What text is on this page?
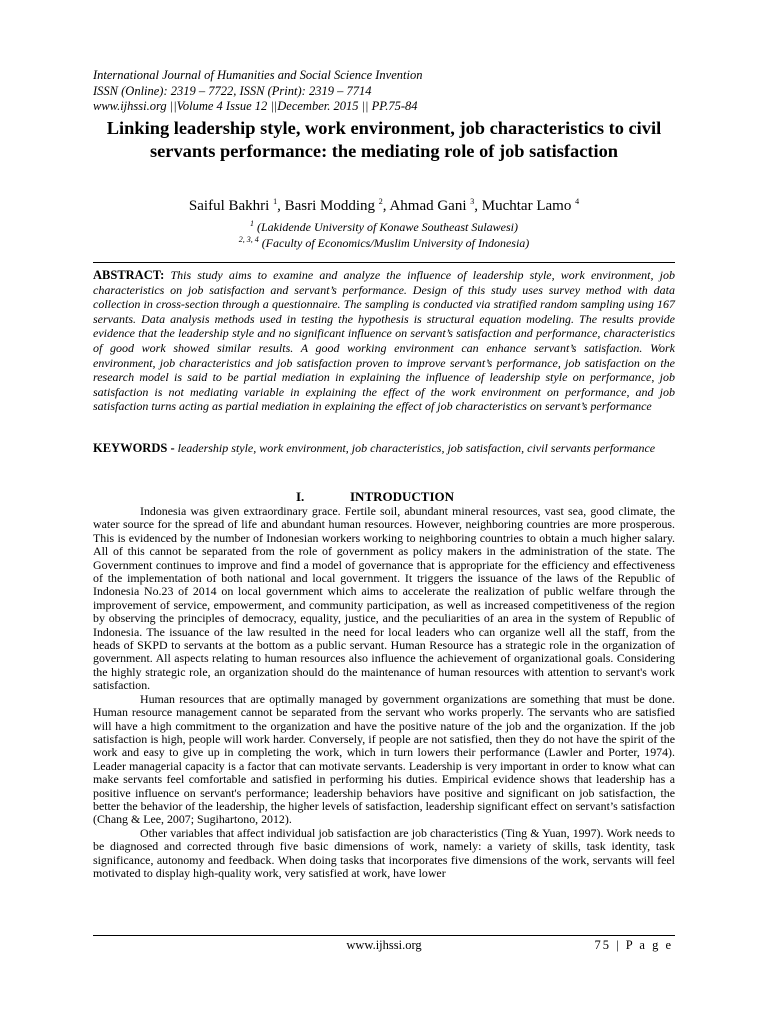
International Journal of Humanities and Social Science Invention
ISSN (Online): 2319 – 7722, ISSN (Print): 2319 – 7714
www.ijhssi.org ||Volume 4 Issue 12 ||December. 2015 || PP.75-84
Linking leadership style, work environment, job characteristics to civil servants performance: the mediating role of job satisfaction
Saiful Bakhri $^1$, Basri Modding $^2$, Ahmad Gani $^3$, Muchtar Lamo $^4$
$^1$ (Lakidende University of Konawe Southeast Sulawesi)
$^{2, 3, 4}$ (Faculty of Economics/Muslim University of Indonesia)
ABSTRACT: This study aims to examine and analyze the influence of leadership style, work environment, job characteristics on job satisfaction and servant’s performance. Design of this study uses survey method with data collection in cross-section through a questionnaire. The sampling is conducted via stratified random sampling using 167 servants. Data analysis methods used in testing the hypothesis is structural equation modeling. The results provide evidence that the leadership style and no significant influence on servant’s satisfaction and performance, characteristics of good work showed similar results. A good working environment can enhance servant’s satisfaction. Work environment, job characteristics and job satisfaction proven to improve servant’s performance, job satisfaction on the research model is said to be partial mediation in explaining the influence of leadership style on performance, job satisfaction is not mediating variable in explaining the effect of the work environment on performance, and job satisfaction turns acting as partial mediation in explaining the effect of job characteristics on servant’s performance
KEYWORDS - leadership style, work environment, job characteristics, job satisfaction, civil servants performance
I.	INTRODUCTION

Indonesia was given extraordinary grace. Fertile soil, abundant mineral resources, vast sea, good climate, the water source for the spread of life and abundant human resources. However, neighboring countries are more prosperous. This is evidenced by the number of Indonesian workers working to neighboring countries to obtain a much higher salary. All of this cannot be separated from the role of government as policy makers in the administration of the state. The Government continues to improve and find a model of governance that is appropriate for the efficiency and effectiveness of the implementation of both national and local government. It triggers the issuance of the laws of the Republic of Indonesia No.23 of 2014 on local government which aims to accelerate the realization of public welfare through the improvement of service, empowerment, and community participation, as well as increased competitiveness of the region by observing the principles of democracy, equality, justice, and the peculiarities of an area in the system of Republic of Indonesia. The issuance of the law resulted in the need for local leaders who can organize well all the staff, from the heads of SKPD to servants at the bottom as a public servant. Human Resource has a strategic role in the organization of government. All aspects relating to human resources also influence the achievement of organizational goals. Considering the highly strategic role, an organization should do the maintenance of human resources with attention to servant's work satisfaction.

Human resources that are optimally managed by government organizations are something that must be done. Human resource management cannot be separated from the servant who works properly. The servants who are satisfied will have a high commitment to the organization and have the positive nature of the job and the organization. If the job satisfaction is high, people will work harder. Conversely, if people are not satisfied, then they do not have the spirit of the work and easy to give up in completing the work, which in turn lowers their performance (Lawler and Porter, 1974). Leader managerial capacity is a factor that can motivate servants. Leadership is very important in order to know what can make servants feel comfortable and satisfied in performing his duties. Empirical evidence shows that leadership has a positive influence on servant's performance; leadership behaviors have positive and significant on job satisfaction, the better the behavior of the leadership, the higher levels of satisfaction, leadership significant effect on servant’s satisfaction (Chang & Lee, 2007; Sugihartono, 2012).

Other variables that affect individual job satisfaction are job characteristics (Ting & Yuan, 1997). Work needs to be diagnosed and corrected through five basic dimensions of work, namely: a variety of skills, task identity, task significance, autonomy and feedback. When doing tasks that incorporates five dimensions of the work, servants will feel motivated to display high-quality work, very satisfied at work, have lower

www.ijhssi.org	75 | P a g e
